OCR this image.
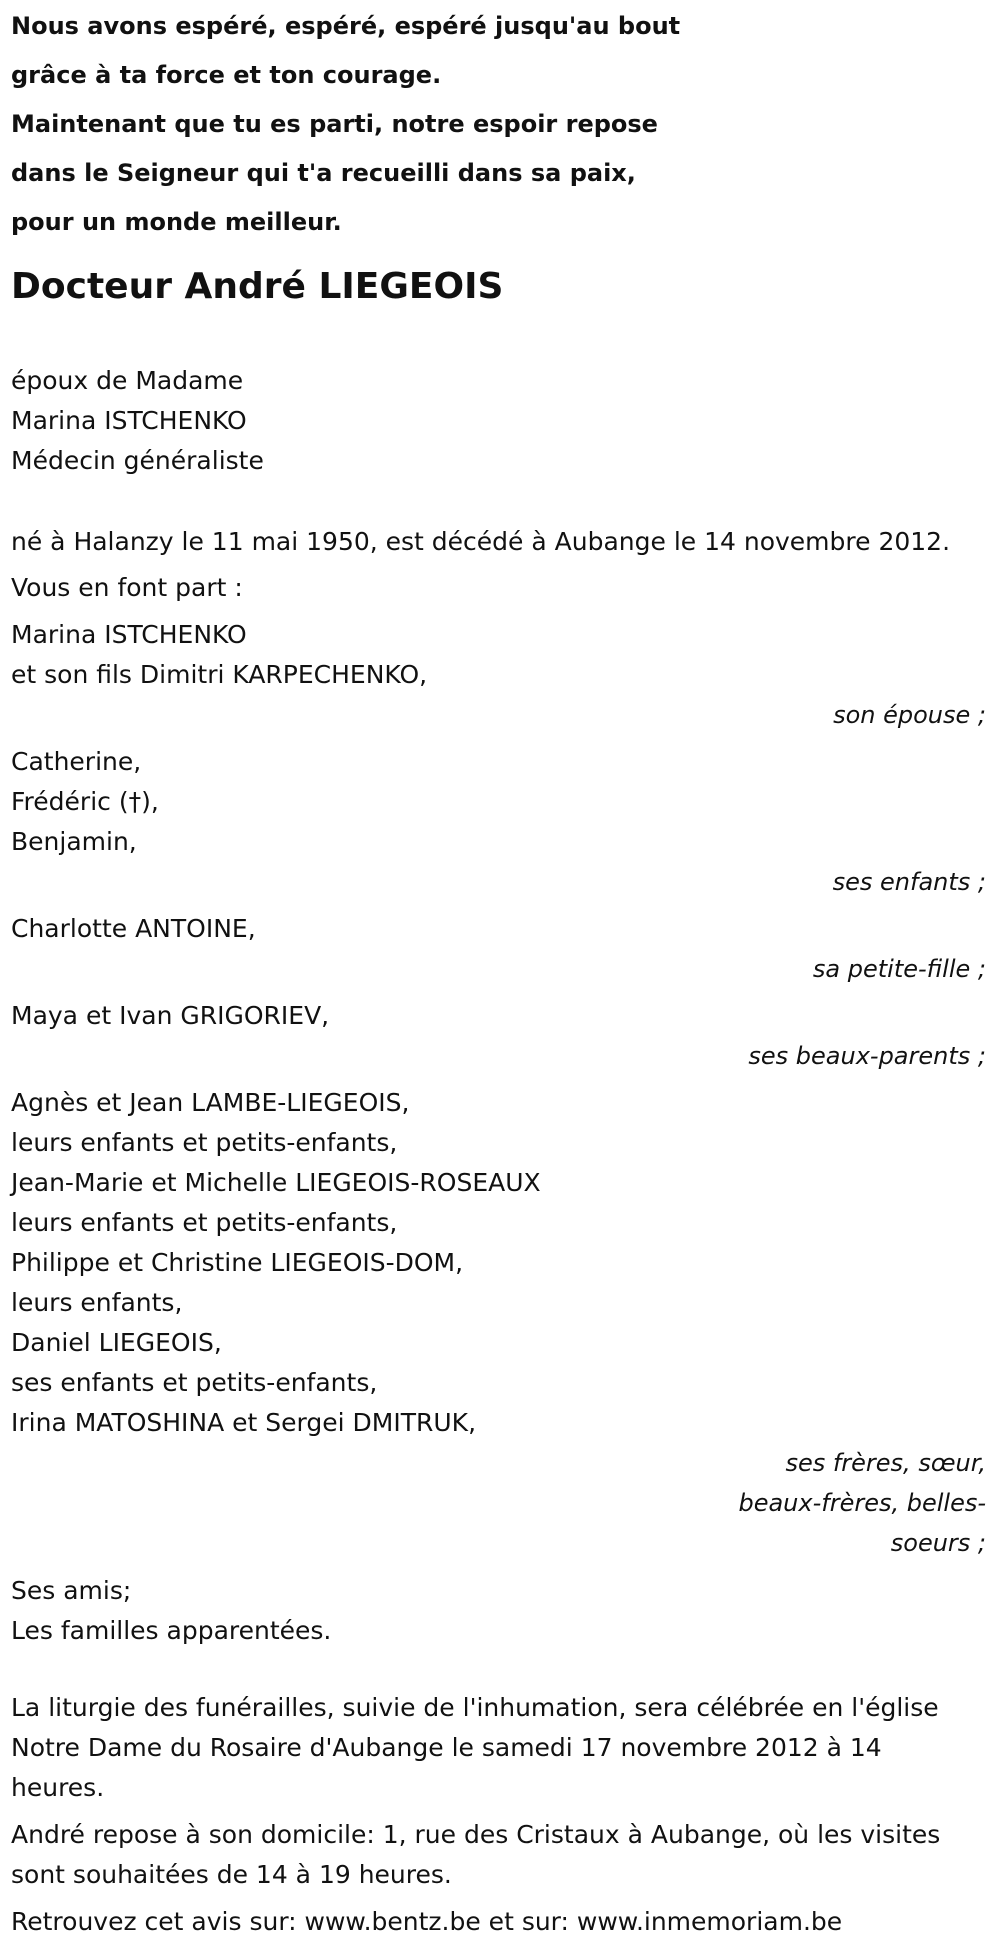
Nous avons espéré, espéré, espéré jusqu'au bout
grâce à ta force et ton courage.
Maintenant que tu es parti, notre espoir repose
dans le Seigneur qui t'a recueilli dans sa paix,
pour un monde meilleur.
Docteur André LIEGEOIS
époux de Madame
Marina ISTCHENKO
Médecin généraliste
né à Halanzy le 11 mai 1950, est décédé à Aubange le 14 novembre 2012.
Vous en font part :
Marina ISTCHENKO
et son fils Dimitri KARPECHENKO,
son épouse ;
Catherine,
Frédéric (†),
Benjamin,
ses enfants ;
Charlotte ANTOINE,
sa petite-fille ;
Maya et Ivan GRIGORIEV,
ses beaux-parents ;
Agnès et Jean LAMBE-LIEGEOIS,
leurs enfants et petits-enfants,
Jean-Marie et Michelle LIEGEOIS-ROSEAUX
leurs enfants et petits-enfants,
Philippe et Christine LIEGEOIS-DOM,
leurs enfants,
Daniel LIEGEOIS,
ses enfants et petits-enfants,
Irina MATOSHINA et Sergei DMITRUK,
ses frères, sœur,
beaux-frères, belles-
soeurs ;
Ses amis;
Les familles apparentées.
La liturgie des funérailles, suivie de l'inhumation, sera célébrée en l'église
Notre Dame du Rosaire d'Aubange le samedi 17 novembre 2012 à 14
heures.
André repose à son domicile: 1, rue des Cristaux à Aubange, où les visites
sont souhaitées de 14 à 19 heures.
Retrouvez cet avis sur: www.bentz.be et sur: www.inmemoriam.be
